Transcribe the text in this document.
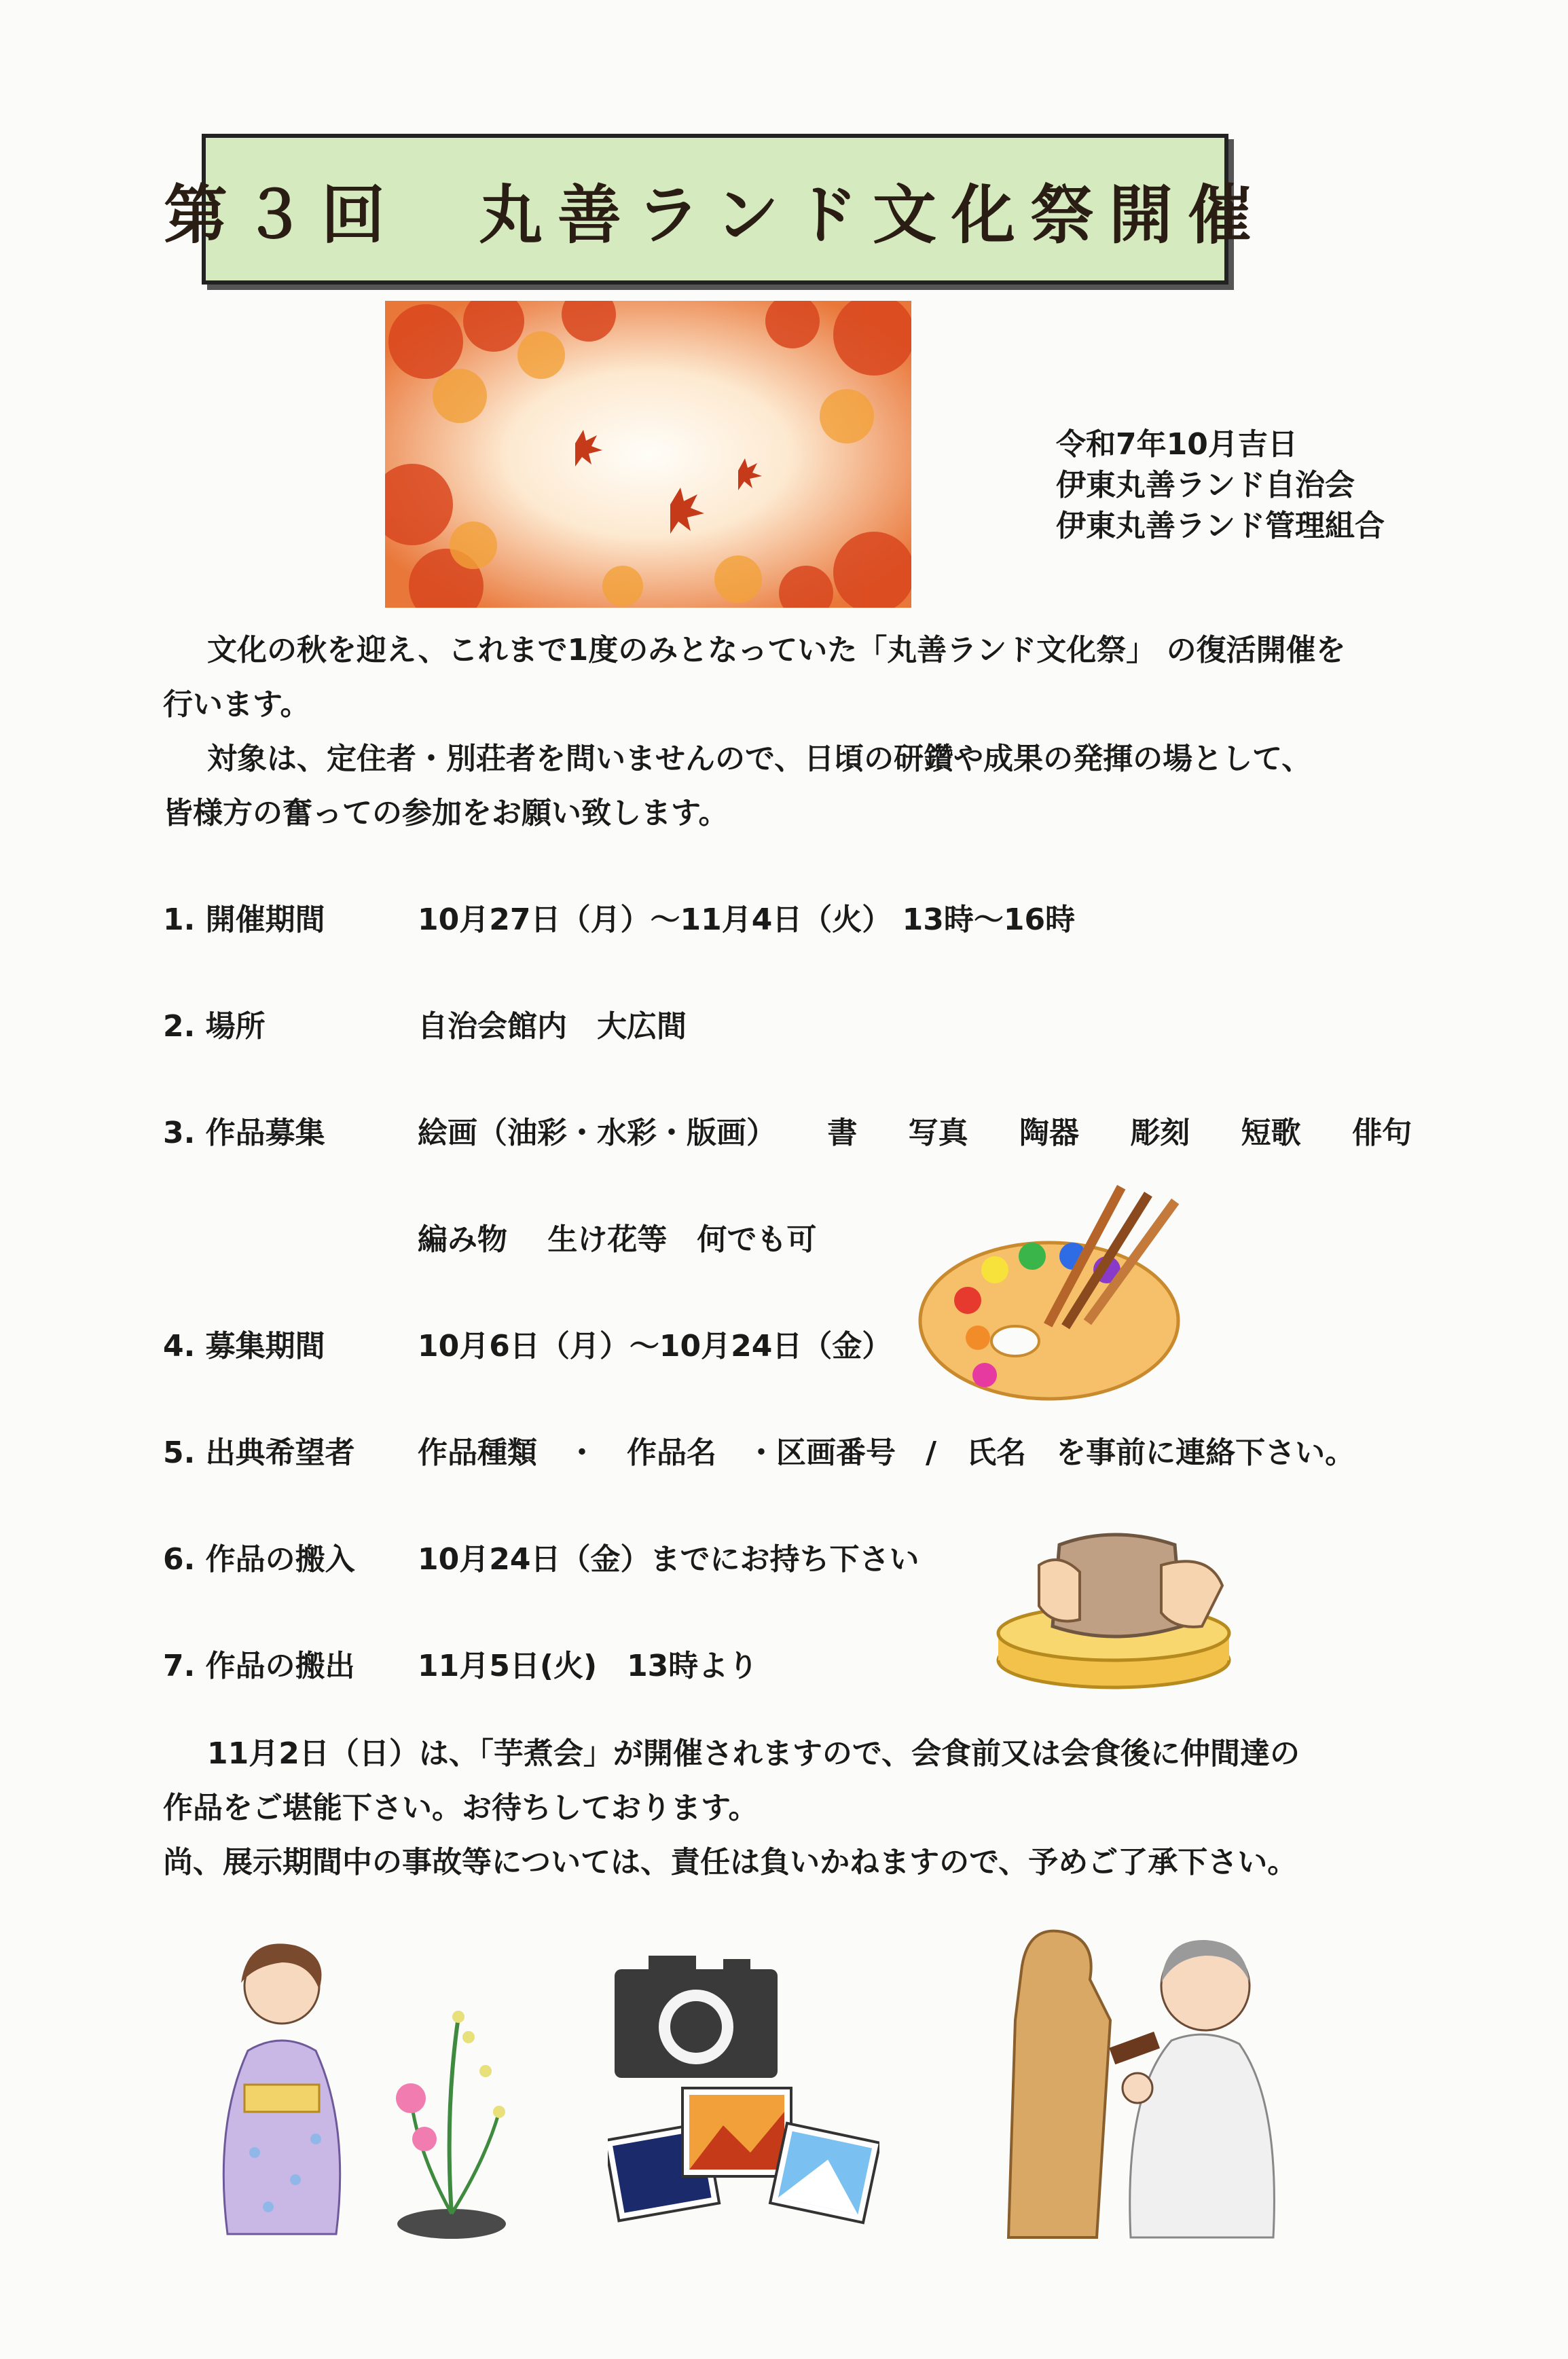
第３回　丸善ランド文化祭開催
令和7年10月吉日
伊東丸善ランド自治会
伊東丸善ランド管理組合
文化の秋を迎え、これまで1度のみとなっていた「丸善ランド文化祭」 の復活開催を
行います。
対象は、定住者・別荘者を問いませんので、日頃の研鑽や成果の発揮の場として、
皆様方の奮っての参加をお願い致します。
1. 開催期間	10月27日（月）～11月4日（火） 13時～16時
2. 場所	自治会館内　大広間
3. 作品募集	絵画（油彩・水彩・版画） 書 写真 陶器 彫刻 短歌 俳句
編み物　 生け花等　何でも可
4. 募集期間	10月6日（月）～10月24日（金）
5. 出典希望者 作品種類　・　作品名　・区画番号　/　氏名　を事前に連絡下さい。
6. 作品の搬入 10月24日（金）までにお持ち下さい
7. 作品の搬出 11月5日(火)　13時より
11月2日（日）は、「芋煮会」が開催されますので、会食前又は会食後に仲間達の
作品をご堪能下さい。お待ちしております。
尚、展示期間中の事故等については、責任は負いかねますので、予めご了承下さい。
